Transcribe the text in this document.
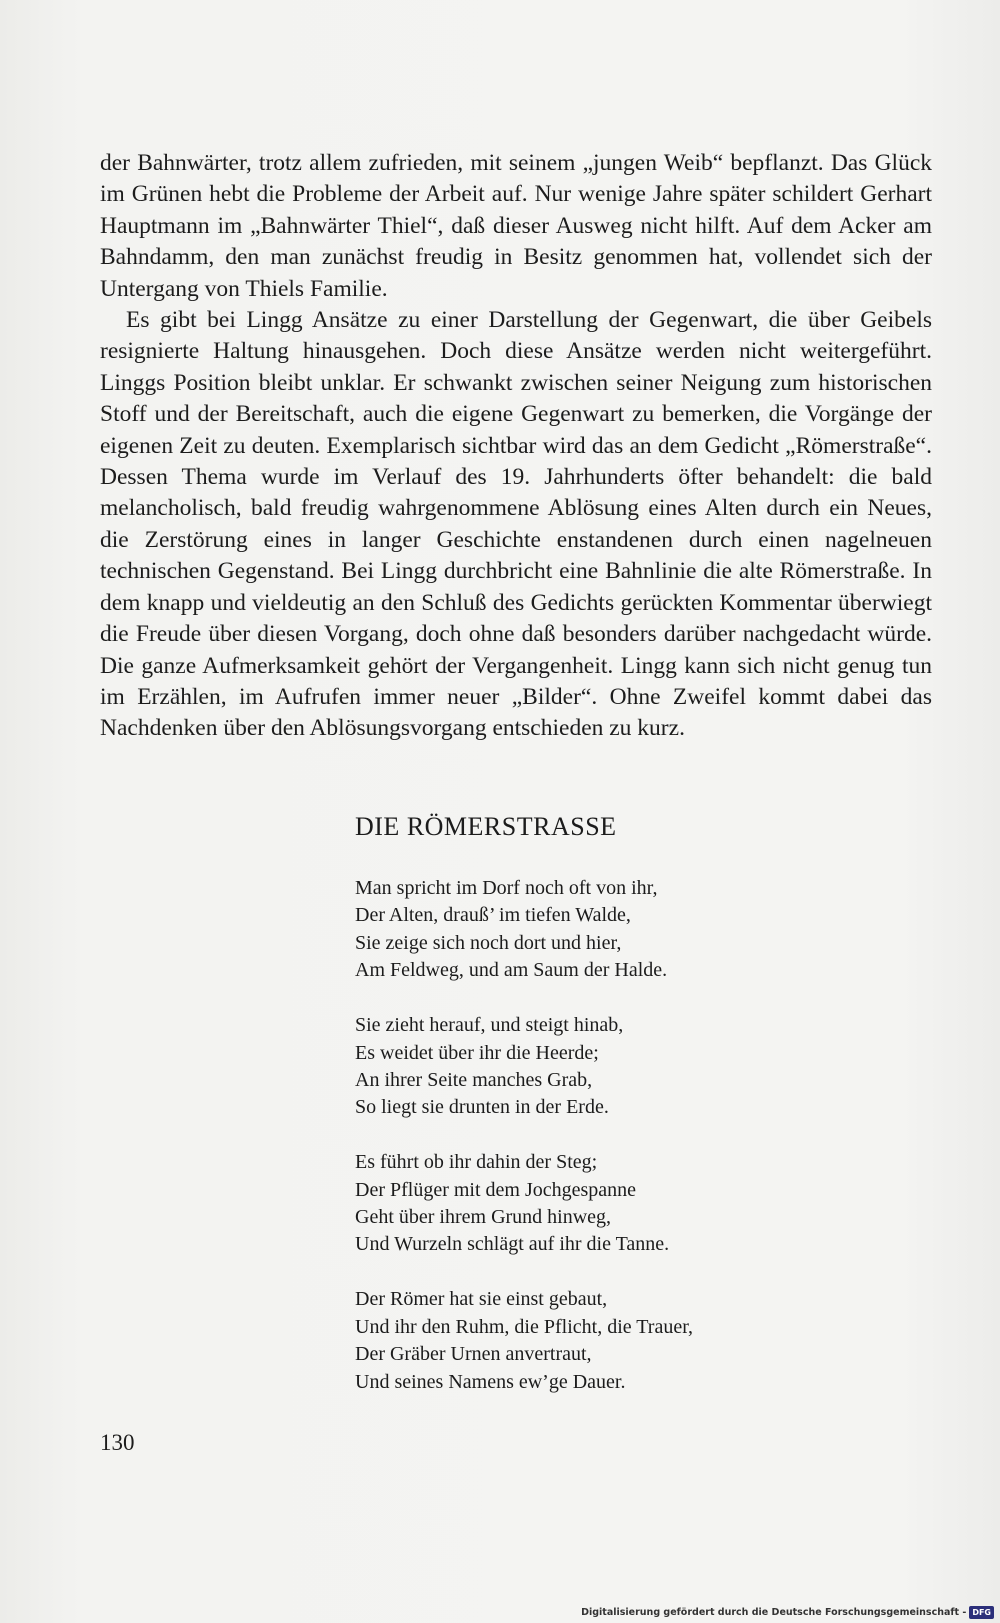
der Bahnwärter, trotz allem zufrieden, mit seinem „jungen Weib“ bepflanzt. Das Glück im Grünen hebt die Probleme der Arbeit auf. Nur wenige Jahre später schildert Gerhart Hauptmann im „Bahnwärter Thiel“, daß dieser Ausweg nicht hilft. Auf dem Acker am Bahndamm, den man zunächst freudig in Besitz genommen hat, vollendet sich der Untergang von Thiels Familie.

Es gibt bei Lingg Ansätze zu einer Darstellung der Gegenwart, die über Geibels resignierte Haltung hinausgehen. Doch diese Ansätze werden nicht weitergeführt. Linggs Position bleibt unklar. Er schwankt zwischen seiner Neigung zum historischen Stoff und der Bereitschaft, auch die eigene Gegenwart zu bemerken, die Vorgänge der eigenen Zeit zu deuten. Exemplarisch sichtbar wird das an dem Gedicht „Römerstraße“. Dessen Thema wurde im Verlauf des 19. Jahrhunderts öfter behandelt: die bald melancholisch, bald freudig wahrgenommene Ablösung eines Alten durch ein Neues, die Zerstörung eines in langer Geschichte enstandenen durch einen nagelneuen technischen Gegenstand. Bei Lingg durchbricht eine Bahnlinie die alte Römerstraße. In dem knapp und vieldeutig an den Schluß des Gedichts gerückten Kommentar überwiegt die Freude über diesen Vorgang, doch ohne daß besonders darüber nachgedacht würde. Die ganze Aufmerksamkeit gehört der Vergangenheit. Lingg kann sich nicht genug tun im Erzählen, im Aufrufen immer neuer „Bilder“. Ohne Zweifel kommt dabei das Nachdenken über den Ablösungsvorgang entschieden zu kurz.

DIE RÖMERSTRASSE
Man spricht im Dorf noch oft von ihr,
Der Alten, drauß’ im tiefen Walde,
Sie zeige sich noch dort und hier,
Am Feldweg, und am Saum der Halde.
Sie zieht herauf, und steigt hinab,
Es weidet über ihr die Heerde;
An ihrer Seite manches Grab,
So liegt sie drunten in der Erde.
Es führt ob ihr dahin der Steg;
Der Pflüger mit dem Jochgespanne
Geht über ihrem Grund hinweg,
Und Wurzeln schlägt auf ihr die Tanne.
Der Römer hat sie einst gebaut,
Und ihr den Ruhm, die Pflicht, die Trauer,
Der Gräber Urnen anvertraut,
Und seines Namens ew’ge Dauer.
130
Digitalisierung gefördert durch die Deutsche Forschungsgemeinschaft - DFG
